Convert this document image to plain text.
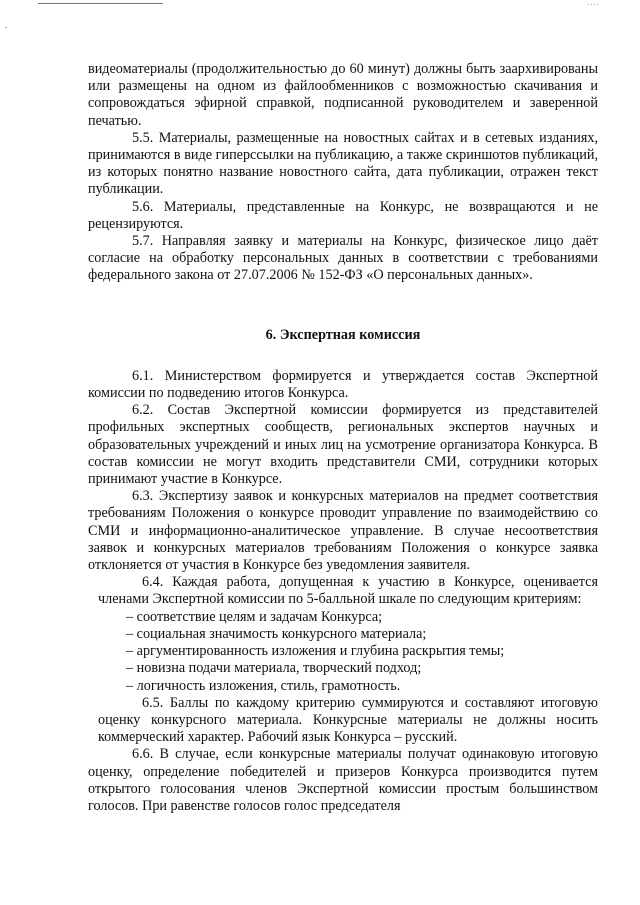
.
....

видеоматериалы (продолжительностью до 60 минут) должны быть заархивированы или размещены на одном из файлообменников с возможностью скачивания и сопровождаться эфирной справкой, подписанной руководителем и заверенной печатью.

5.5. Материалы, размещенные на новостных сайтах и в сетевых изданиях, принимаются в виде гиперссылки на публикацию, а также скриншотов публикаций, из которых понятно название новостного сайта, дата публикации, отражен текст публикации.

5.6. Материалы, представленные на Конкурс, не возвращаются и не рецензируются.

5.7. Направляя заявку и материалы на Конкурс, физическое лицо даёт согласие на обработку персональных данных в соответствии с требованиями федерального закона от 27.07.2006 № 152-ФЗ «О персональных данных».

6. Экспертная комиссия

6.1. Министерством формируется и утверждается состав Экспертной комиссии по подведению итогов Конкурса.

6.2. Состав Экспертной комиссии формируется из представителей профильных экспертных сообществ, региональных экспертов научных и образовательных учреждений и иных лиц на усмотрение организатора Конкурса. В состав комиссии не могут входить представители СМИ, сотрудники которых принимают участие в Конкурсе.

6.3. Экспертизу заявок и конкурсных материалов на предмет соответствия требованиям Положения о конкурсе проводит управление по взаимодействию со СМИ и информационно-аналитическое управление. В случае несоответствия заявок и конкурсных материалов требованиям Положения о конкурсе заявка отклоняется от участия в Конкурсе без уведомления заявителя.

6.4. Каждая работа, допущенная к участию в Конкурсе, оценивается членами Экспертной комиссии по 5-балльной шкале по следующим критериям:

– соответствие целям и задачам Конкурса;
– социальная значимость конкурсного материала;
– аргументированность изложения и глубина раскрытия темы;
– новизна подачи материала, творческий подход;
– логичность изложения, стиль, грамотность.

6.5. Баллы по каждому критерию суммируются и составляют итоговую оценку конкурсного материала. Конкурсные материалы не должны носить коммерческий характер. Рабочий язык Конкурса – русский.

6.6. В случае, если конкурсные материалы получат одинаковую итоговую оценку, определение победителей и призеров Конкурса производится путем открытого голосования членов Экспертной комиссии простым большинством голосов. При равенстве голосов голос председателя
